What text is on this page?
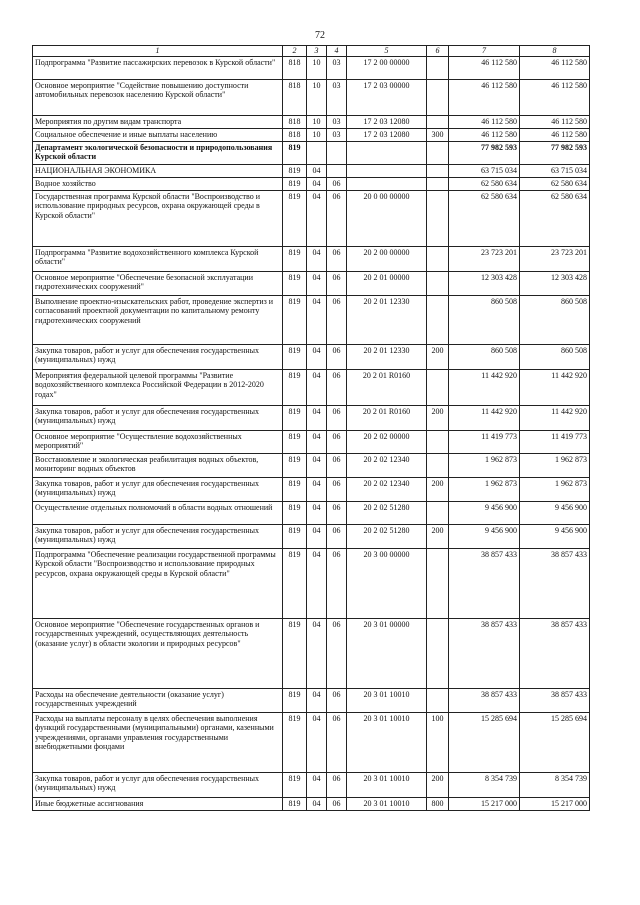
72
1	2	3	4	5	6	7	8
Подпрограмма "Развитие пассажирских перевозок в Курской области"	818	10	03	17 2 00 00000		46 112 580	46 112 580
Основное мероприятие "Содействие повышению доступности автомобильных перевозок населению Курской области"	818	10	03	17 2 03 00000		46 112 580	46 112 580
Мероприятия по другим видам транспорта	818	10	03	17 2 03 12080		46 112 580	46 112 580
Социальное обеспечение и иные выплаты населению	818	10	03	17 2 03 12080	300	46 112 580	46 112 580
Департамент экологической безопасности и природопользования Курской области	819					77 982 593	77 982 593
НАЦИОНАЛЬНАЯ ЭКОНОМИКА	819	04				63 715 034	63 715 034
Водное хозяйство	819	04	06			62 580 634	62 580 634
Государственная программа Курской области "Воспроизводство и использование природных ресурсов, охрана окружающей среды в Курской области"	819	04	06	20 0 00 00000		62 580 634	62 580 634
Подпрограмма "Развитие водохозяйственного комплекса Курской области"	819	04	06	20 2 00 00000		23 723 201	23 723 201
Основное мероприятие "Обеспечение безопасной эксплуатации гидротехнических сооружений"	819	04	06	20 2 01 00000		12 303 428	12 303 428
Выполнение проектно-изыскательских работ, проведение экспертиз и согласований проектной документации по капитальному ремонту гидротехнических сооружений	819	04	06	20 2 01 12330		860 508	860 508
Закупка товаров, работ и услуг для обеспечения государственных (муниципальных) нужд	819	04	06	20 2 01 12330	200	860 508	860 508
Мероприятия федеральной целевой программы "Развитие водохозяйственного комплекса Российской Федерации в 2012-2020 годах"	819	04	06	20 2 01 R0160		11 442 920	11 442 920
Закупка товаров, работ и услуг для обеспечения государственных (муниципальных) нужд	819	04	06	20 2 01 R0160	200	11 442 920	11 442 920
Основное мероприятие "Осуществление водохозяйственных мероприятий"	819	04	06	20 2 02 00000		11 419 773	11 419 773
Восстановление и экологическая реабилитация водных объектов, мониторинг водных объектов	819	04	06	20 2 02 12340		1 962 873	1 962 873
Закупка товаров, работ и услуг для обеспечения государственных (муниципальных) нужд	819	04	06	20 2 02 12340	200	1 962 873	1 962 873
Осуществление отдельных полномочий в области водных отношений	819	04	06	20 2 02 51280		9 456 900	9 456 900
Закупка товаров, работ и услуг для обеспечения государственных (муниципальных) нужд	819	04	06	20 2 02 51280	200	9 456 900	9 456 900
Подпрограмма "Обеспечение реализации государственной программы Курской области "Воспроизводство и использование природных ресурсов, охрана окружающей среды в Курской области"	819	04	06	20 3 00 00000		38 857 433	38 857 433
Основное мероприятие "Обеспечение государственных органов и государственных учреждений, осуществляющих деятельность (оказание услуг) в области экологии и природных ресурсов"	819	04	06	20 3 01 00000		38 857 433	38 857 433
Расходы на обеспечение деятельности (оказание услуг) государственных учреждений	819	04	06	20 3 01 10010		38 857 433	38 857 433
Расходы на выплаты персоналу в целях обеспечения выполнения функций государственными (муниципальными) органами, казенными учреждениями, органами управления государственными внебюджетными фондами	819	04	06	20 3 01 10010	100	15 285 694	15 285 694
Закупка товаров, работ и услуг для обеспечения государственных (муниципальных) нужд	819	04	06	20 3 01 10010	200	8 354 739	8 354 739
Иные бюджетные ассигнования	819	04	06	20 3 01 10010	800	15 217 000	15 217 000
